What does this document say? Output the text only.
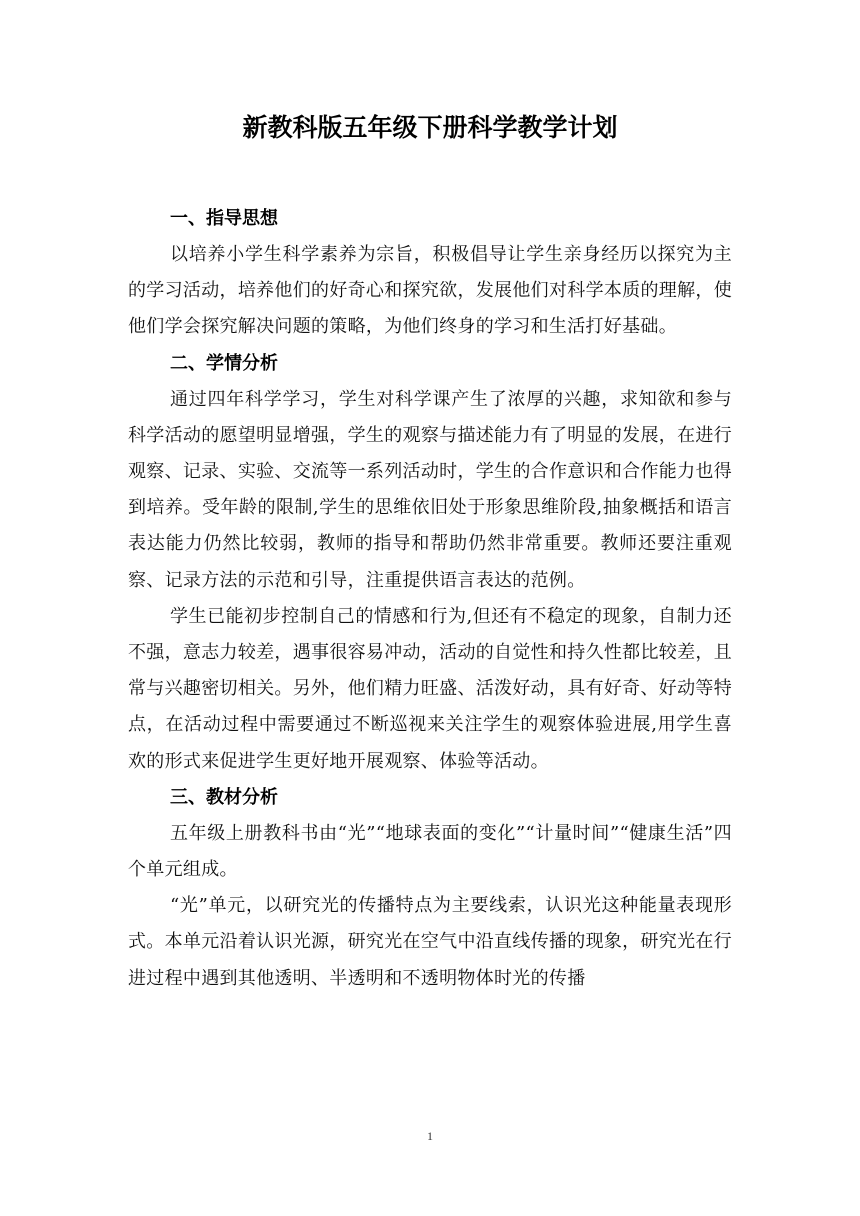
新教科版五年级下册科学教学计划

一、指导思想

以培养小学生科学素养为宗旨，积极倡导让学生亲身经历以探究为主的学习活动，培养他们的好奇心和探究欲，发展他们对科学本质的理解，使他们学会探究解决问题的策略，为他们终身的学习和生活打好基础。

二、学情分析

通过四年科学学习，学生对科学课产生了浓厚的兴趣，求知欲和参与科学活动的愿望明显增强，学生的观察与描述能力有了明显的发展，在进行观察、记录、实验、交流等一系列活动时，学生的合作意识和合作能力也得到培养。受年龄的限制,学生的思维依旧处于形象思维阶段,抽象概括和语言表达能力仍然比较弱，教师的指导和帮助仍然非常重要。教师还要注重观察、记录方法的示范和引导，注重提供语言表达的范例。

学生已能初步控制自己的情感和行为,但还有不稳定的现象，自制力还不强，意志力较差，遇事很容易冲动，活动的自觉性和持久性都比较差，且常与兴趣密切相关。另外，他们精力旺盛、活泼好动，具有好奇、好动等特点，在活动过程中需要通过不断巡视来关注学生的观察体验进展,用学生喜欢的形式来促进学生更好地开展观察、体验等活动。

三、教材分析

五年级上册教科书由“光”“地球表面的变化”“计量时间”“健康生活”四个单元组成。

“光”单元，以研究光的传播特点为主要线索，认识光这种能量表现形式。本单元沿着认识光源，研究光在空气中沿直线传播的现象，研究光在行进过程中遇到其他透明、半透明和不透明物体时光的传播

1
